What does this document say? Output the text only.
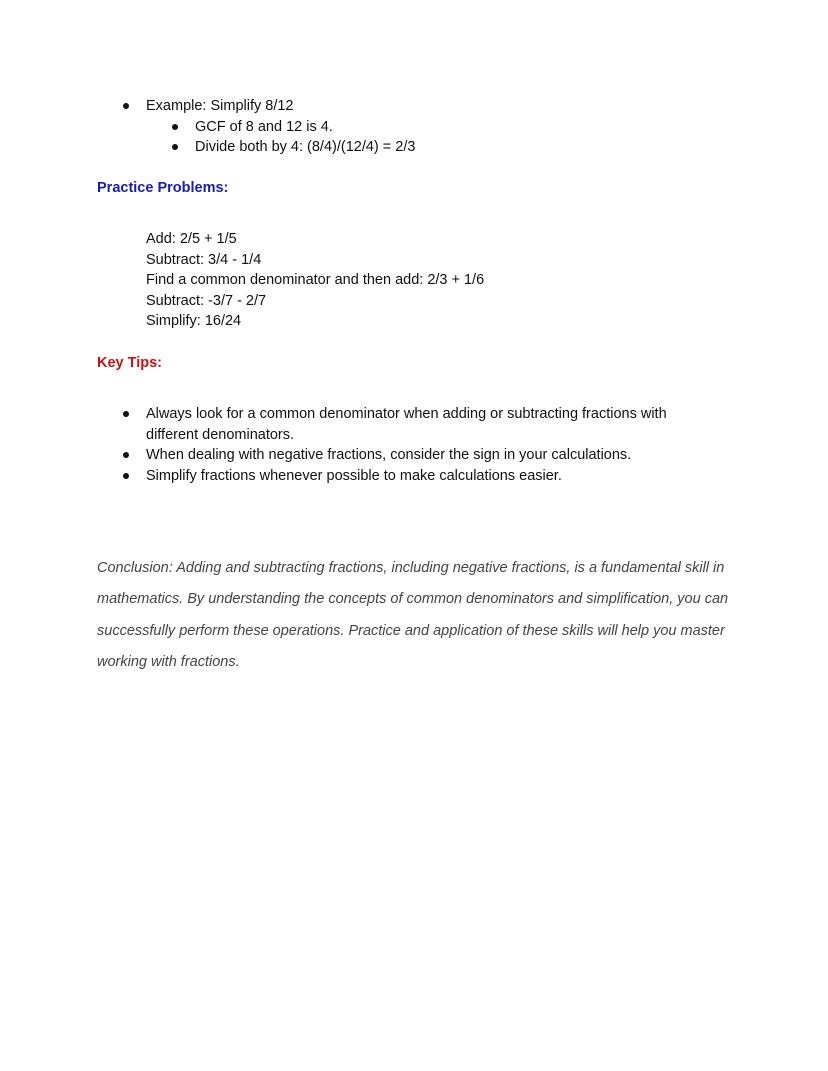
Example: Simplify 8/12
GCF of 8 and 12 is 4.
Divide both by 4: (8/4)/(12/4) = 2/3
Practice Problems:
Add: 2/5 + 1/5
Subtract: 3/4 - 1/4
Find a common denominator and then add: 2/3 + 1/6
Subtract: -3/7 - 2/7
Simplify: 16/24
Key Tips:
Always look for a common denominator when adding or subtracting fractions with
different denominators.
When dealing with negative fractions, consider the sign in your calculations.
Simplify fractions whenever possible to make calculations easier.
Conclusion: Adding and subtracting fractions, including negative fractions, is a fundamental skill in mathematics. By understanding the concepts of common denominators and simplification, you can successfully perform these operations. Practice and application of these skills will help you master working with fractions.
